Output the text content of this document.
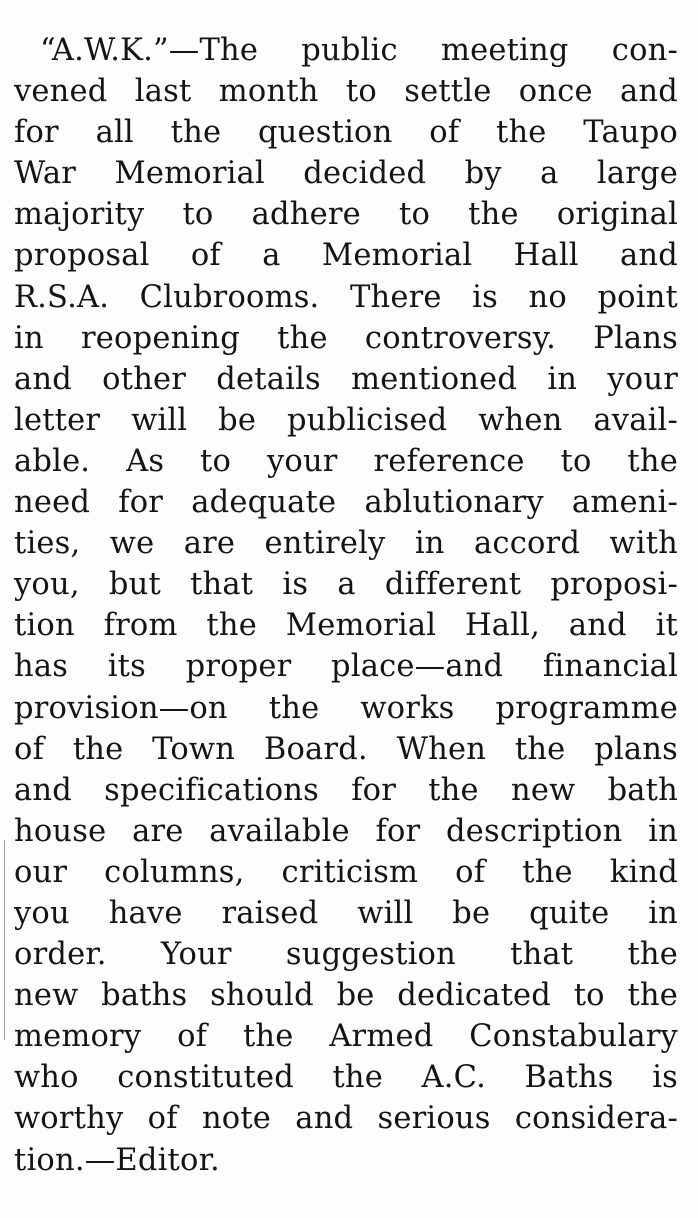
“A.W.K.”—The public meeting con-
vened last month to settle once and
for all the question of the Taupo
War Memorial decided by a large
majority to adhere to the original
proposal of a Memorial Hall and
R.S.A. Clubrooms. There is no point
in reopening the controversy. Plans
and other details mentioned in your
letter will be publicised when avail-
able. As to your reference to the
need for adequate ablutionary ameni-
ties, we are entirely in accord with
you, but that is a different proposi-
tion from the Memorial Hall, and it
has its proper place—and financial
provision—on the works programme
of the Town Board. When the plans
and specifications for the new bath
house are available for description in
our columns, criticism of the kind
you have raised will be quite in
order. Your suggestion that the
new baths should be dedicated to the
memory of the Armed Constabulary
who constituted the A.C. Baths is
worthy of note and serious considera-
tion.—Editor.
